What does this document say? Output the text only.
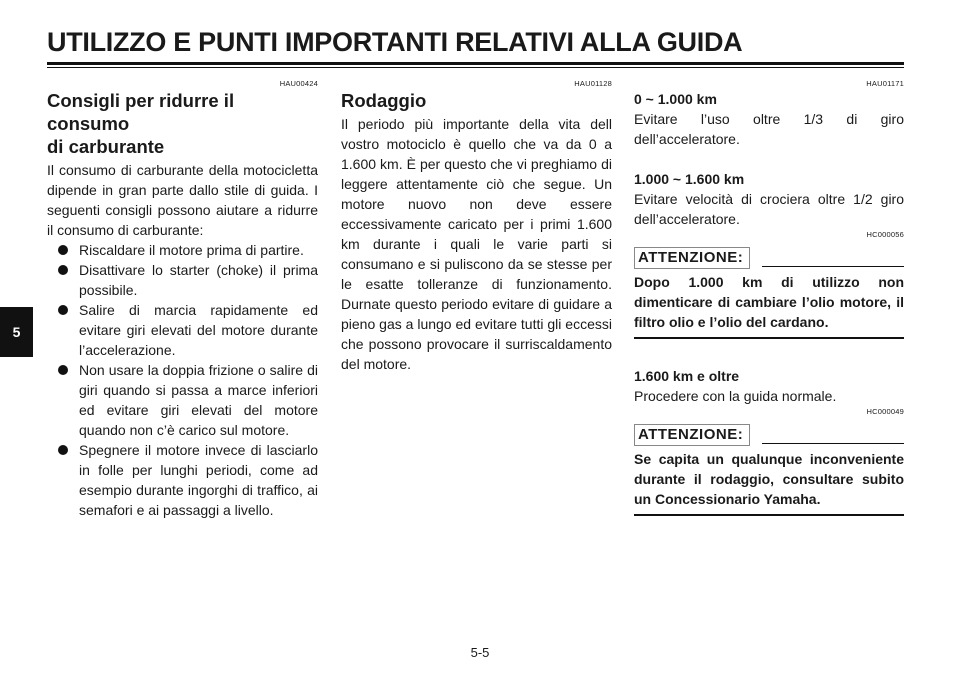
UTILIZZO E PUNTI IMPORTANTI RELATIVI ALLA GUIDA
5
HAU00424
Consigli per ridurre il consumo
di carburante
Il consumo di carburante della motocicletta dipende in gran parte dallo stile di guida. I seguenti consigli possono aiutare a ridurre il consumo di carburante:
Riscaldare il motore prima di partire.
Disattivare lo starter (choke) il prima possibile.
Salire di marcia rapidamente ed evitare giri elevati del motore durante l’accelerazione.
Non usare la doppia frizione o salire di giri quando si passa a marce inferiori ed evitare giri elevati del motore quando non c’è carico sul motore.
Spegnere il motore invece di lasciarlo in folle per lunghi periodi, come ad esempio durante ingorghi di traffico, ai semafori e ai passaggi a livello.
HAU01128
Rodaggio
Il periodo più importante della vita dell vostro motociclo è quello che va da 0 a 1.600 km. È per questo che vi preghiamo di leggere attentamente ciò che segue. Un motore nuovo non deve essere eccessivamente caricato per i primi 1.600 km durante i quali le varie parti si consumano e si puliscono da se stesse per le esatte tolleranze di funzionamento. Durnate questo periodo evitare di guidare a pieno gas a lungo ed evitare tutti gli eccessi che possono provocare il surriscaldamento del motore.
HAU01171
0 ~ 1.000 km
Evitare l’uso oltre 1/3 di giro dell’acceleratore.
1.000 ~ 1.600 km
Evitare velocità di crociera oltre 1/2 giro dell’acceleratore.
HC000056
ATTENZIONE:
Dopo 1.000 km di utilizzo non dimenticare di cambiare l’olio motore, il filtro olio e l’olio del cardano.
1.600 km e oltre
Procedere con la guida normale.
HC000049
ATTENZIONE:
Se capita un qualunque inconveniente durante il rodaggio, consultare subito un Concessionario Yamaha.
5-5
